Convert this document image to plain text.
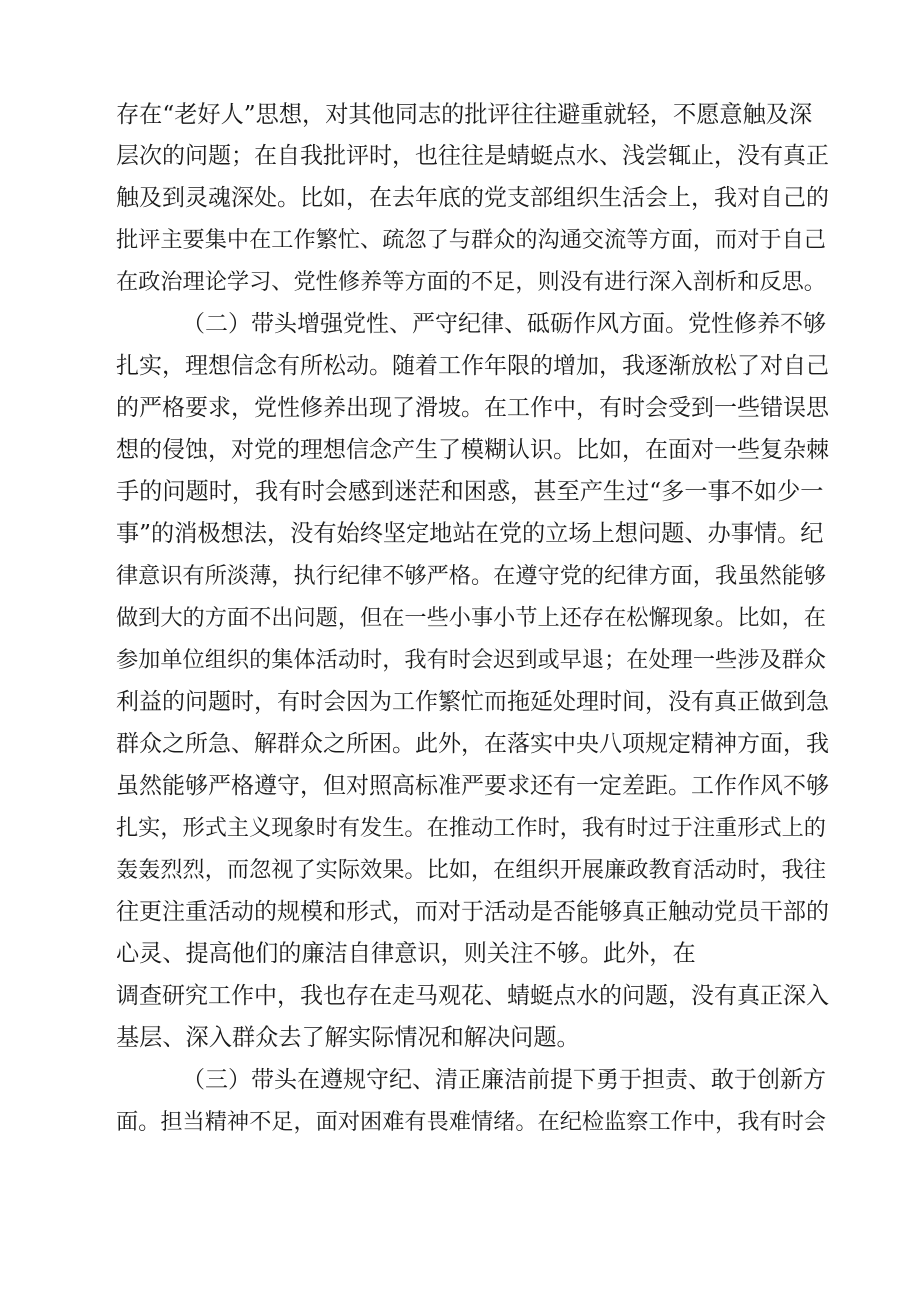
存在“老好人”思想，对其他同志的批评往往避重就轻，不愿意触及深
层次的问题；在自我批评时，也往往是蜻蜓点水、浅尝辄止，没有真正
触及到灵魂深处。比如，在去年底的党支部组织生活会上，我对自己的
批评主要集中在工作繁忙、疏忽了与群众的沟通交流等方面，而对于自己
在政治理论学习、党性修养等方面的不足，则没有进行深入剖析和反思。
（二）带头增强党性、严守纪律、砥砺作风方面。党性修养不够
扎实，理想信念有所松动。随着工作年限的增加，我逐渐放松了对自己
的严格要求，党性修养出现了滑坡。在工作中，有时会受到一些错误思
想的侵蚀，对党的理想信念产生了模糊认识。比如，在面对一些复杂棘
手的问题时，我有时会感到迷茫和困惑，甚至产生过“多一事不如少一
事”的消极想法，没有始终坚定地站在党的立场上想问题、办事情。纪
律意识有所淡薄，执行纪律不够严格。在遵守党的纪律方面，我虽然能够
做到大的方面不出问题，但在一些小事小节上还存在松懈现象。比如，在
参加单位组织的集体活动时，我有时会迟到或早退；在处理一些涉及群众
利益的问题时，有时会因为工作繁忙而拖延处理时间，没有真正做到急
群众之所急、解群众之所困。此外，在落实中央八项规定精神方面，我
虽然能够严格遵守，但对照高标准严要求还有一定差距。工作作风不够
扎实，形式主义现象时有发生。在推动工作时，我有时过于注重形式上的
轰轰烈烈，而忽视了实际效果。比如，在组织开展廉政教育活动时，我往
往更注重活动的规模和形式，而对于活动是否能够真正触动党员干部的
心灵、提高他们的廉洁自律意识，则关注不够。此外，在
调查研究工作中，我也存在走马观花、蜻蜓点水的问题，没有真正深入
基层、深入群众去了解实际情况和解决问题。
（三）带头在遵规守纪、清正廉洁前提下勇于担责、敢于创新方
面。担当精神不足，面对困难有畏难情绪。在纪检监察工作中，我有时会
